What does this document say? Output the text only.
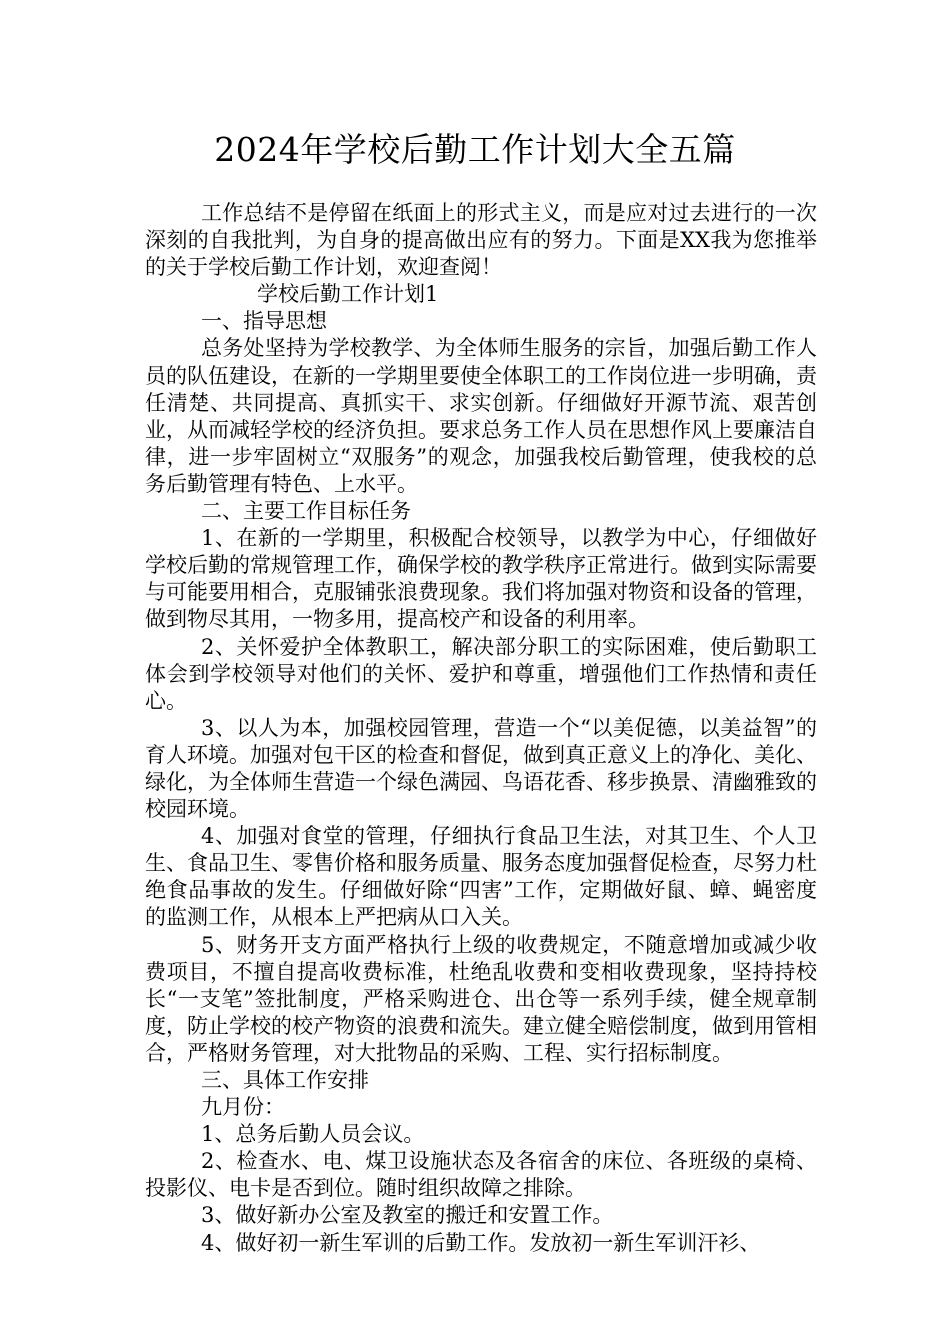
2024年学校后勤工作计划大全五篇

工作总结不是停留在纸面上的形式主义，而是应对过去进行的一次深刻的自我批判，为自身的提高做出应有的努力。下面是XX我为您推举的关于学校后勤工作计划，欢迎查阅！

学校后勤工作计划1

一、指导思想

总务处坚持为学校教学、为全体师生服务的宗旨，加强后勤工作人员的队伍建设，在新的一学期里要使全体职工的工作岗位进一步明确，责任清楚、共同提高、真抓实干、求实创新。仔细做好开源节流、艰苦创业，从而减轻学校的经济负担。要求总务工作人员在思想作风上要廉洁自律，进一步牢固树立“双服务”的观念，加强我校后勤管理，使我校的总务后勤管理有特色、上水平。

二、主要工作目标任务

1、在新的一学期里，积极配合校领导，以教学为中心，仔细做好学校后勤的常规管理工作，确保学校的教学秩序正常进行。做到实际需要与可能要用相合，克服铺张浪费现象。我们将加强对物资和设备的管理，做到物尽其用，一物多用，提高校产和设备的利用率。

2、关怀爱护全体教职工，解决部分职工的实际困难，使后勤职工体会到学校领导对他们的关怀、爱护和尊重，增强他们工作热情和责任心。

3、以人为本，加强校园管理，营造一个“以美促德，以美益智”的育人环境。加强对包干区的检查和督促，做到真正意义上的净化、美化、绿化，为全体师生营造一个绿色满园、鸟语花香、移步换景、清幽雅致的校园环境。

4、加强对食堂的管理，仔细执行食品卫生法，对其卫生、个人卫生、食品卫生、零售价格和服务质量、服务态度加强督促检查，尽努力杜绝食品事故的发生。仔细做好除“四害”工作，定期做好鼠、蟑、蝇密度的监测工作，从根本上严把病从口入关。

5、财务开支方面严格执行上级的收费规定，不随意增加或减少收费项目，不擅自提高收费标准，杜绝乱收费和变相收费现象，坚持持校长“一支笔”签批制度，严格采购进仓、出仓等一系列手续，健全规章制度，防止学校的校产物资的浪费和流失。建立健全赔偿制度，做到用管相合，严格财务管理，对大批物品的采购、工程、实行招标制度。

三、具体工作安排

九月份：

1、总务后勤人员会议。

2、检查水、电、煤卫设施状态及各宿舍的床位、各班级的桌椅、投影仪、电卡是否到位。随时组织故障之排除。

3、做好新办公室及教室的搬迁和安置工作。

4、做好初一新生军训的后勤工作。发放初一新生军训汗衫、
